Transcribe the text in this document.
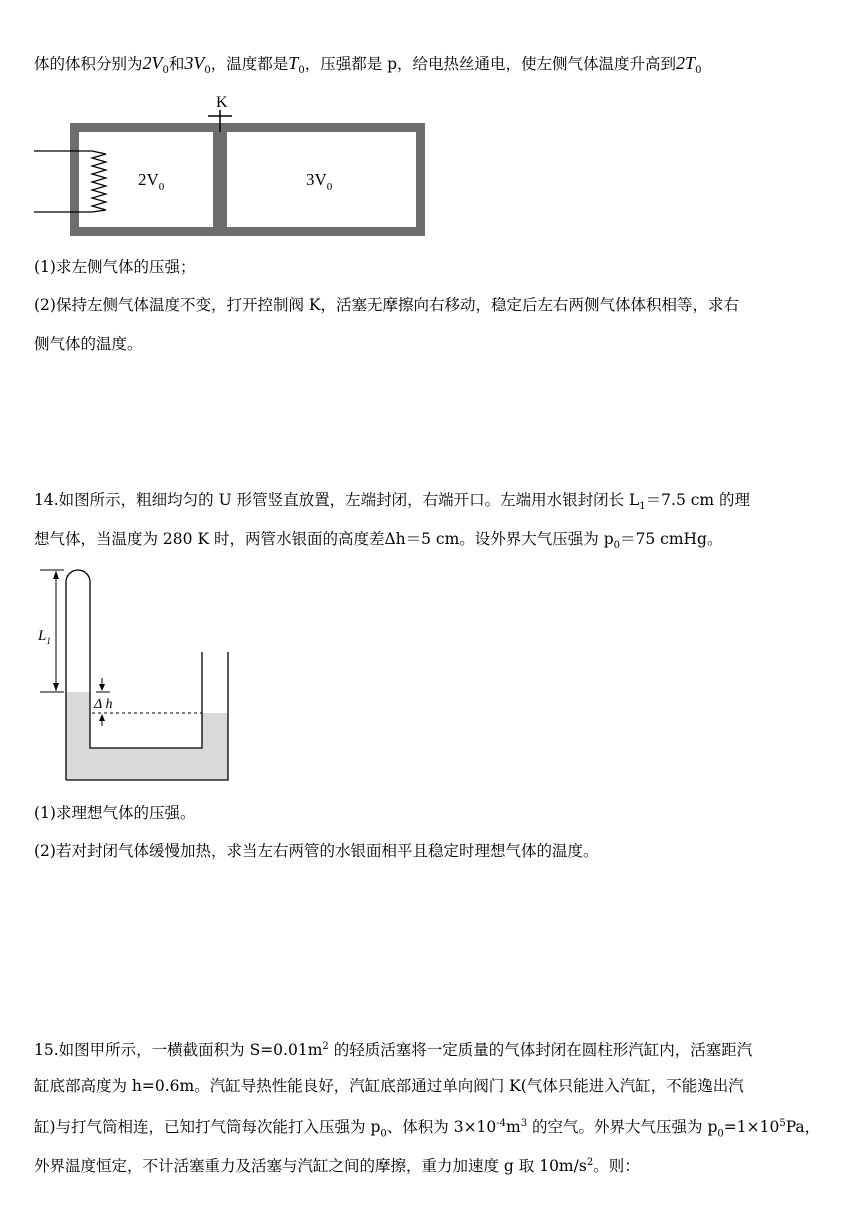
体的体积分别为$2V_0$和$3V_0$，温度都是$T_0$，压强都是 p，给电热丝通电，使左侧气体温度升高到$2T_0$
K
$2V_0$	$3V_0$
(1)求左侧气体的压强；
(2)保持左侧气体温度不变，打开控制阀 K，活塞无摩擦向右移动，稳定后左右两侧气体体积相等，求右
侧气体的温度。
14.如图所示，粗细均匀的 U 形管竖直放置，左端封闭，右端开口。左端用水银封闭长 $L_1=7.5$ cm 的理
想气体，当温度为 280 K 时，两管水银面的高度差Δh＝5 cm。设外界大气压强为 $p_0=75$ cmHg。
$L_1$
Δ h
(1)求理想气体的压强。
(2)若对封闭气体缓慢加热，求当左右两管的水银面相平且稳定时理想气体的温度。
15.如图甲所示，一横截面积为 $S=0.01m^2$ 的轻质活塞将一定质量的气体封闭在圆柱形汽缸内，活塞距汽
缸底部高度为 h=0.6m。汽缸导热性能良好，汽缸底部通过单向阀门 K(气体只能进入汽缸，不能逸出汽
缸)与打气筒相连，已知打气筒每次能打入压强为 $p_0$、体积为 $3\times 10^{-4}m^3$ 的空气。外界大气压强为 $p_0=1\times 10^5Pa$，
外界温度恒定，不计活塞重力及活塞与汽缸之间的摩擦，重力加速度 g 取 $10m/s^2$。则：
